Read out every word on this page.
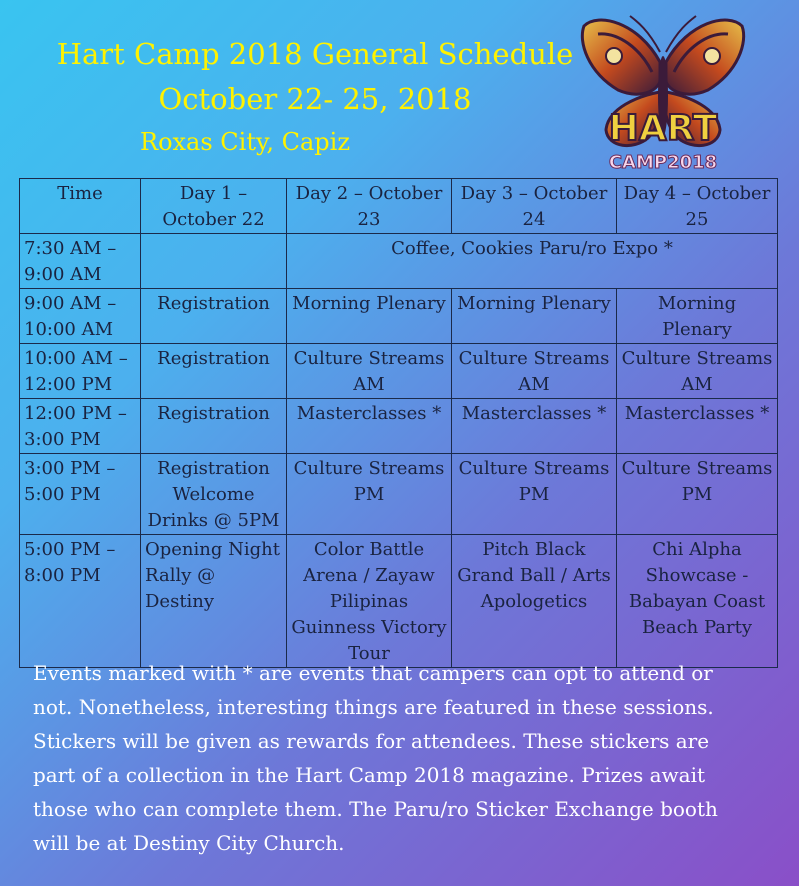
Hart Camp 2018 General Schedule

October 22- 25, 2018

Roxas City, Capiz	HART
CAMP2018
Time	Day 1 – October 22	Day 2 – October 23	Day 3 – October 24	Day 4 – October 25
7:30 AM – 9:00 AM		Coffee, Cookies Paru/ro Expo *		
9:00 AM – 10:00 AM	Registration	Morning Plenary	Morning Plenary	Morning Plenary
10:00 AM – 12:00 PM	Registration	Culture Streams AM	Culture Streams AM	Culture Streams AM
12:00 PM – 3:00 PM	Registration	Masterclasses *	Masterclasses *	Masterclasses *
3:00 PM – 5:00 PM	Registration Welcome Drinks @ 5PM	Culture Streams PM	Culture Streams PM	Culture Streams PM
5:00 PM – 8:00 PM	Opening Night Rally @ Destiny	Color Battle Arena / Zayaw Pilipinas Guinness Victory Tour	Pitch Black Grand Ball / Arts Apologetics	Chi Alpha Showcase - Babayan Coast Beach Party

Events marked with * are events that campers can opt to attend or not. Nonetheless, interesting things are featured in these sessions. Stickers will be given as rewards for attendees. These stickers are part of a collection in the Hart Camp 2018 magazine. Prizes await those who can complete them. The Paru/ro Sticker Exchange booth will be at Destiny City Church.
